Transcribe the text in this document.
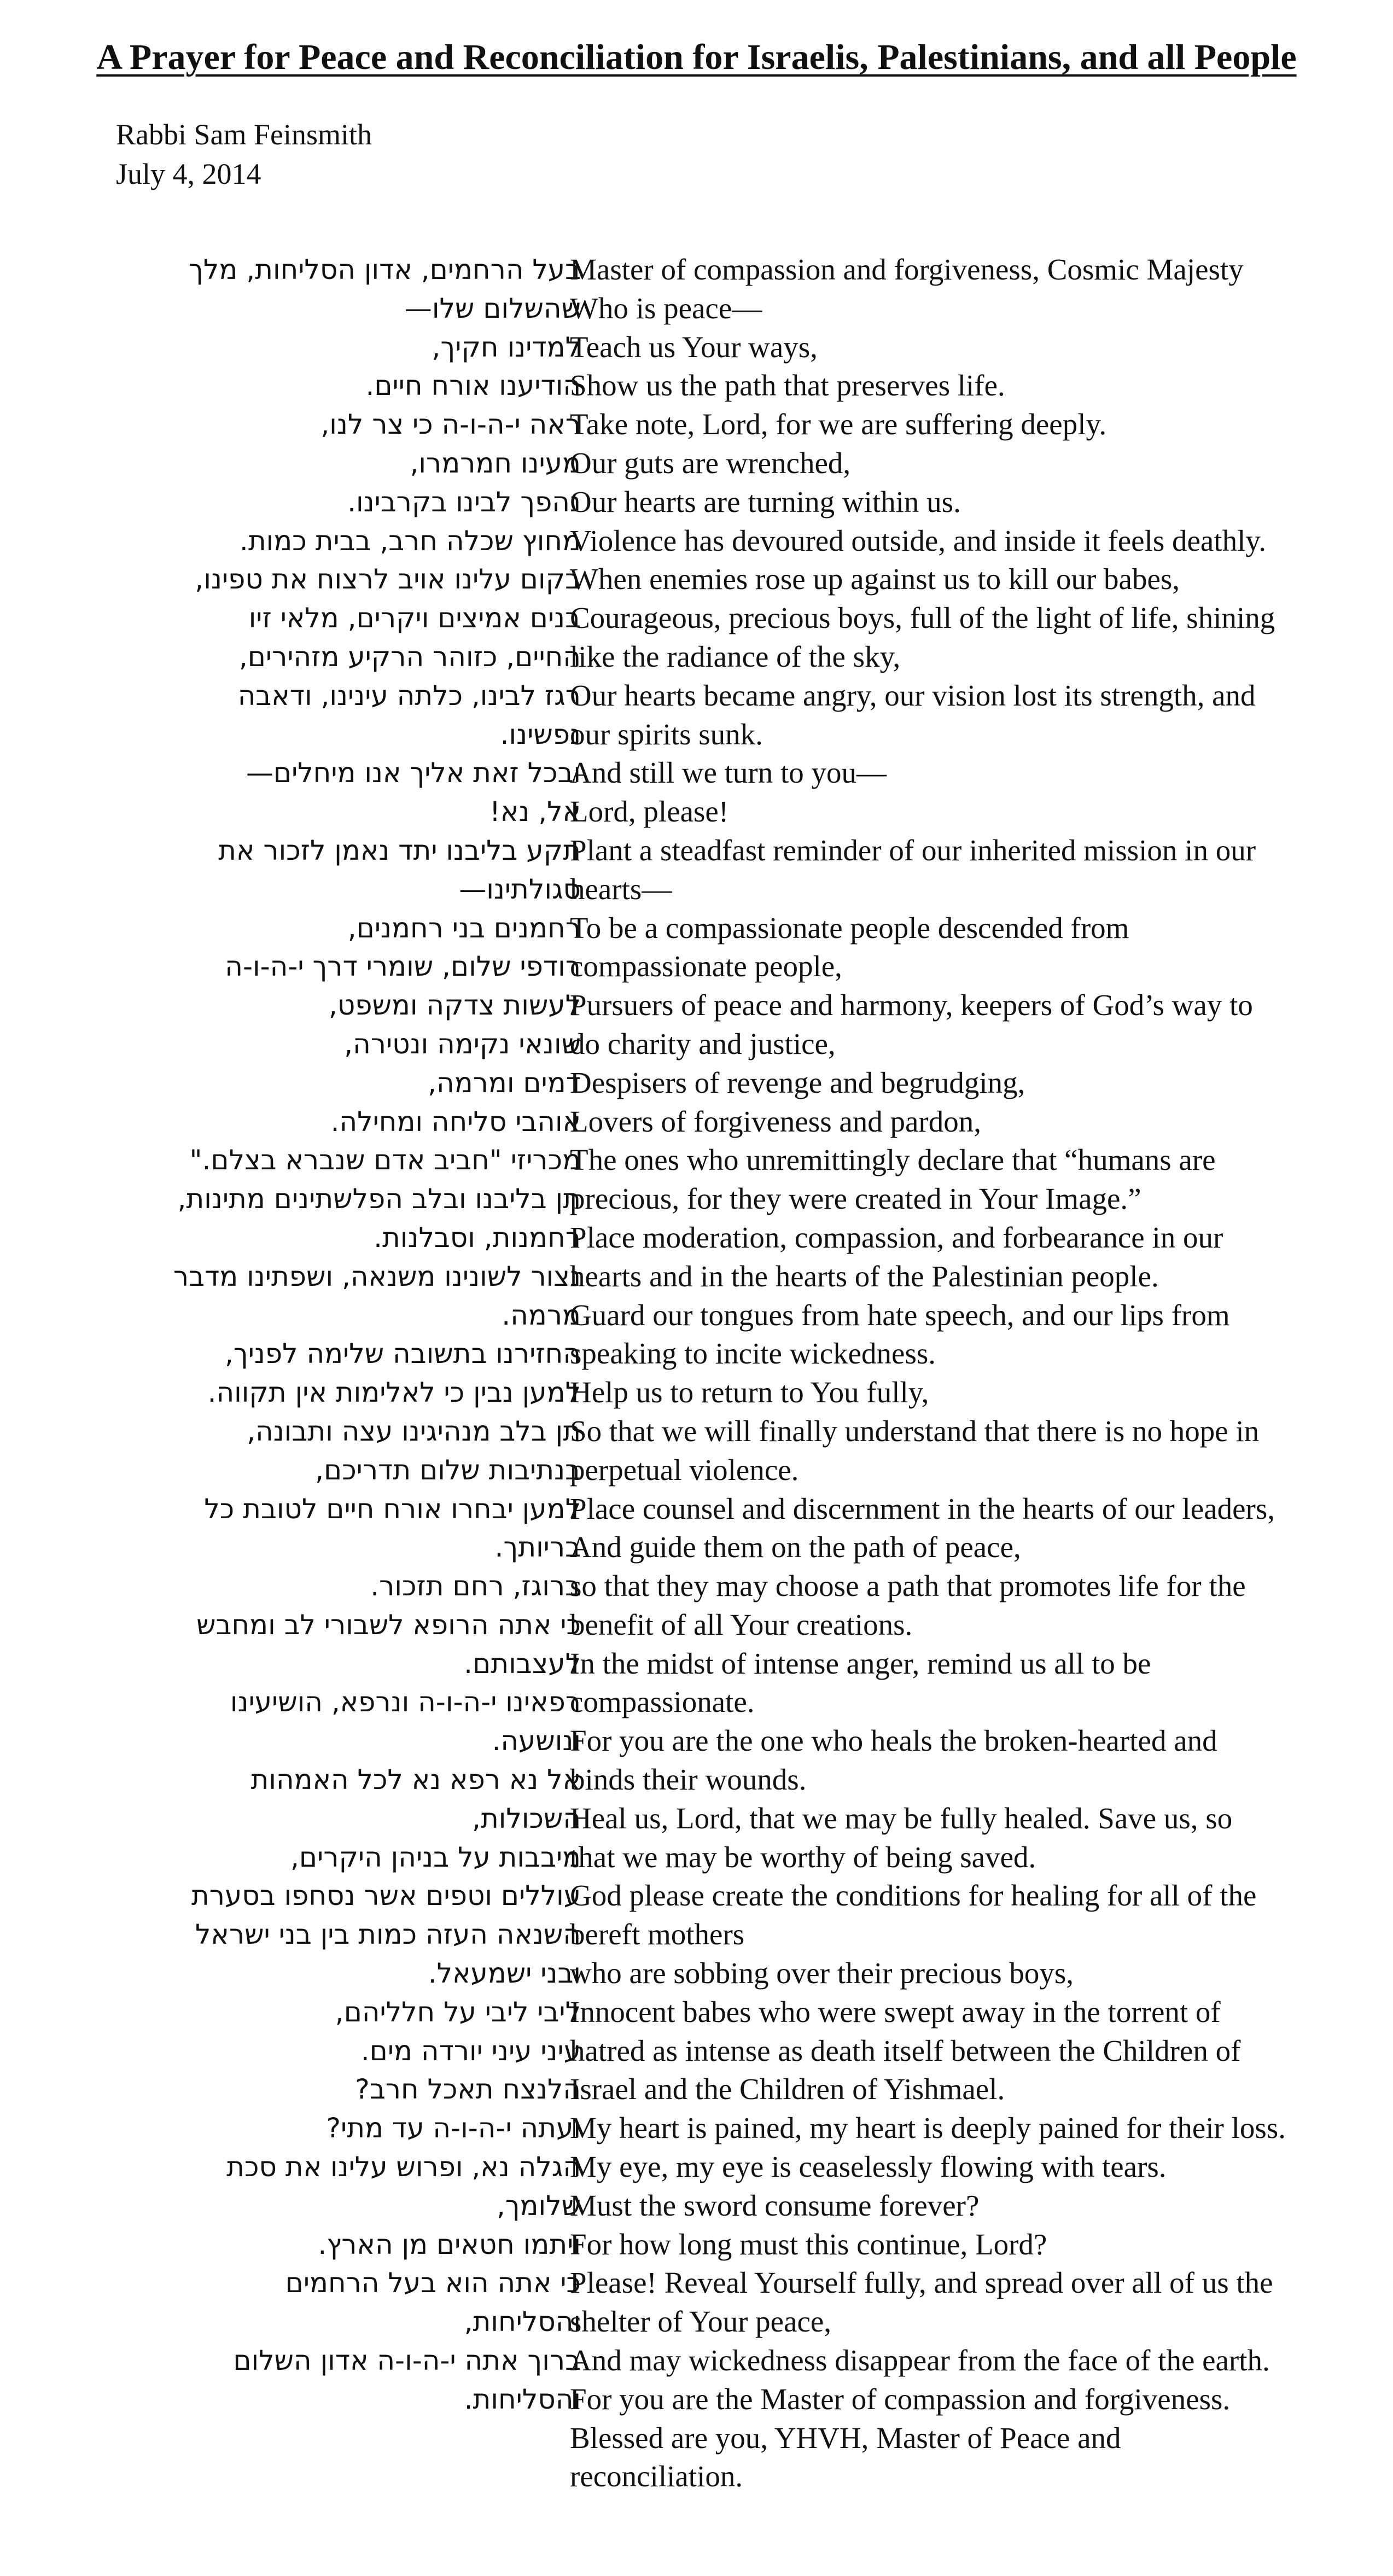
A Prayer for Peace and Reconciliation for Israelis, Palestinians, and all People
Rabbi Sam Feinsmith
July 4, 2014
בעל הרחמים, אדון הסליחות, מלך
שהשלום שלו—
למדינו חקיך,
הודיענו אורח חיים.
ראה י-ה-ו-ה כי צר לנו,
מעינו חמרמרו,
נהפך לבינו בקרבינו.
מחוץ שכלה חרב, בבית כמות.
בקום עלינו אויב לרצוח את טפינו,
בנים אמיצים ויקרים, מלאי זיו
החיים, כזוהר הרקיע מזהירים,
רגז לבינו, כלתה עינינו, ודאבה
נפשינו.
ובכל זאת אליך אנו מיחלים—
אל, נא!
תקע בליבנו יתד נאמן לזכור את
סגולתינו—
רחמנים בני רחמנים,
רודפי שלום, שומרי דרך י-ה-ו-ה
לעשות צדקה ומשפט,
שונאי נקימה ונטירה,
דמים ומרמה,
אוהבי סליחה ומחילה.
מכריזי "חביב אדם שנברא בצלם."
תן בליבנו ובלב הפלשתינים מתינות,
רחמנות, וסבלנות.
נצור לשונינו משנאה, ושפתינו מדבר
מרמה.
החזירנו בתשובה שלימה לפניך,
למען נבין כי לאלימות אין תקווה.
תן בלב מנהיגינו עצה ותבונה,
בנתיבות שלום תדריכם,
למען יבחרו אורח חיים לטובת כל
בריותך.
ברוגז, רחם תזכור.
כי אתה הרופא לשבורי לב ומחבש
לעצבותם.
רפאינו י-ה-ו-ה ונרפא, הושיעינו
ונושעה.
אל נא רפא נא לכל האמהות
השכולות,
מיבבות על בניהן היקרים,
עוללים וטפים אשר נסחפו בסערת
השנאה העזה כמות בין בני ישראל
ובני ישמעאל.
ליבי ליבי על חלליהם,
עיני עיני יורדה מים.
הלנצח תאכל חרב?
ועתה י-ה-ו-ה עד מתי?
הגלה נא, ופרוש עלינו את סכת
שלומך,
ויתמו חטאים מן הארץ.
כי אתה הוא בעל הרחמים
והסליחות,
ברוך אתה י-ה-ו-ה אדון השלום
והסליחות.
Master of compassion and forgiveness, Cosmic Majesty
Who is peace—
Teach us Your ways,
Show us the path that preserves life.
Take note, Lord, for we are suffering deeply.
Our guts are wrenched,
Our hearts are turning within us.
Violence has devoured outside, and inside it feels deathly.
When enemies rose up against us to kill our babes,
Courageous, precious boys, full of the light of life, shining
like the radiance of the sky,
Our hearts became angry, our vision lost its strength, and
our spirits sunk.
And still we turn to you—
Lord, please!
Plant a steadfast reminder of our inherited mission in our
hearts—
To be a compassionate people descended from
compassionate people,
Pursuers of peace and harmony, keepers of God’s way to
do charity and justice,
Despisers of revenge and begrudging,
Lovers of forgiveness and pardon,
The ones who unremittingly declare that “humans are
precious, for they were created in Your Image.”
Place moderation, compassion, and forbearance in our
hearts and in the hearts of the Palestinian people.
Guard our tongues from hate speech, and our lips from
speaking to incite wickedness.
Help us to return to You fully,
So that we will finally understand that there is no hope in
perpetual violence.
Place counsel and discernment in the hearts of our leaders,
And guide them on the path of peace,
so that they may choose a path that promotes life for the
benefit of all Your creations.
In the midst of intense anger, remind us all to be
compassionate.
For you are the one who heals the broken-hearted and
binds their wounds.
Heal us, Lord, that we may be fully healed. Save us, so
that we may be worthy of being saved.
God please create the conditions for healing for all of the
bereft mothers
who are sobbing over their precious boys,
Innocent babes who were swept away in the torrent of
hatred as intense as death itself between the Children of
Israel and the Children of Yishmael.
My heart is pained, my heart is deeply pained for their loss.
My eye, my eye is ceaselessly flowing with tears.
Must the sword consume forever?
For how long must this continue, Lord?
Please! Reveal Yourself fully, and spread over all of us the
shelter of Your peace,
And may wickedness disappear from the face of the earth.
For you are the Master of compassion and forgiveness.
Blessed are you, YHVH, Master of Peace and
reconciliation.
